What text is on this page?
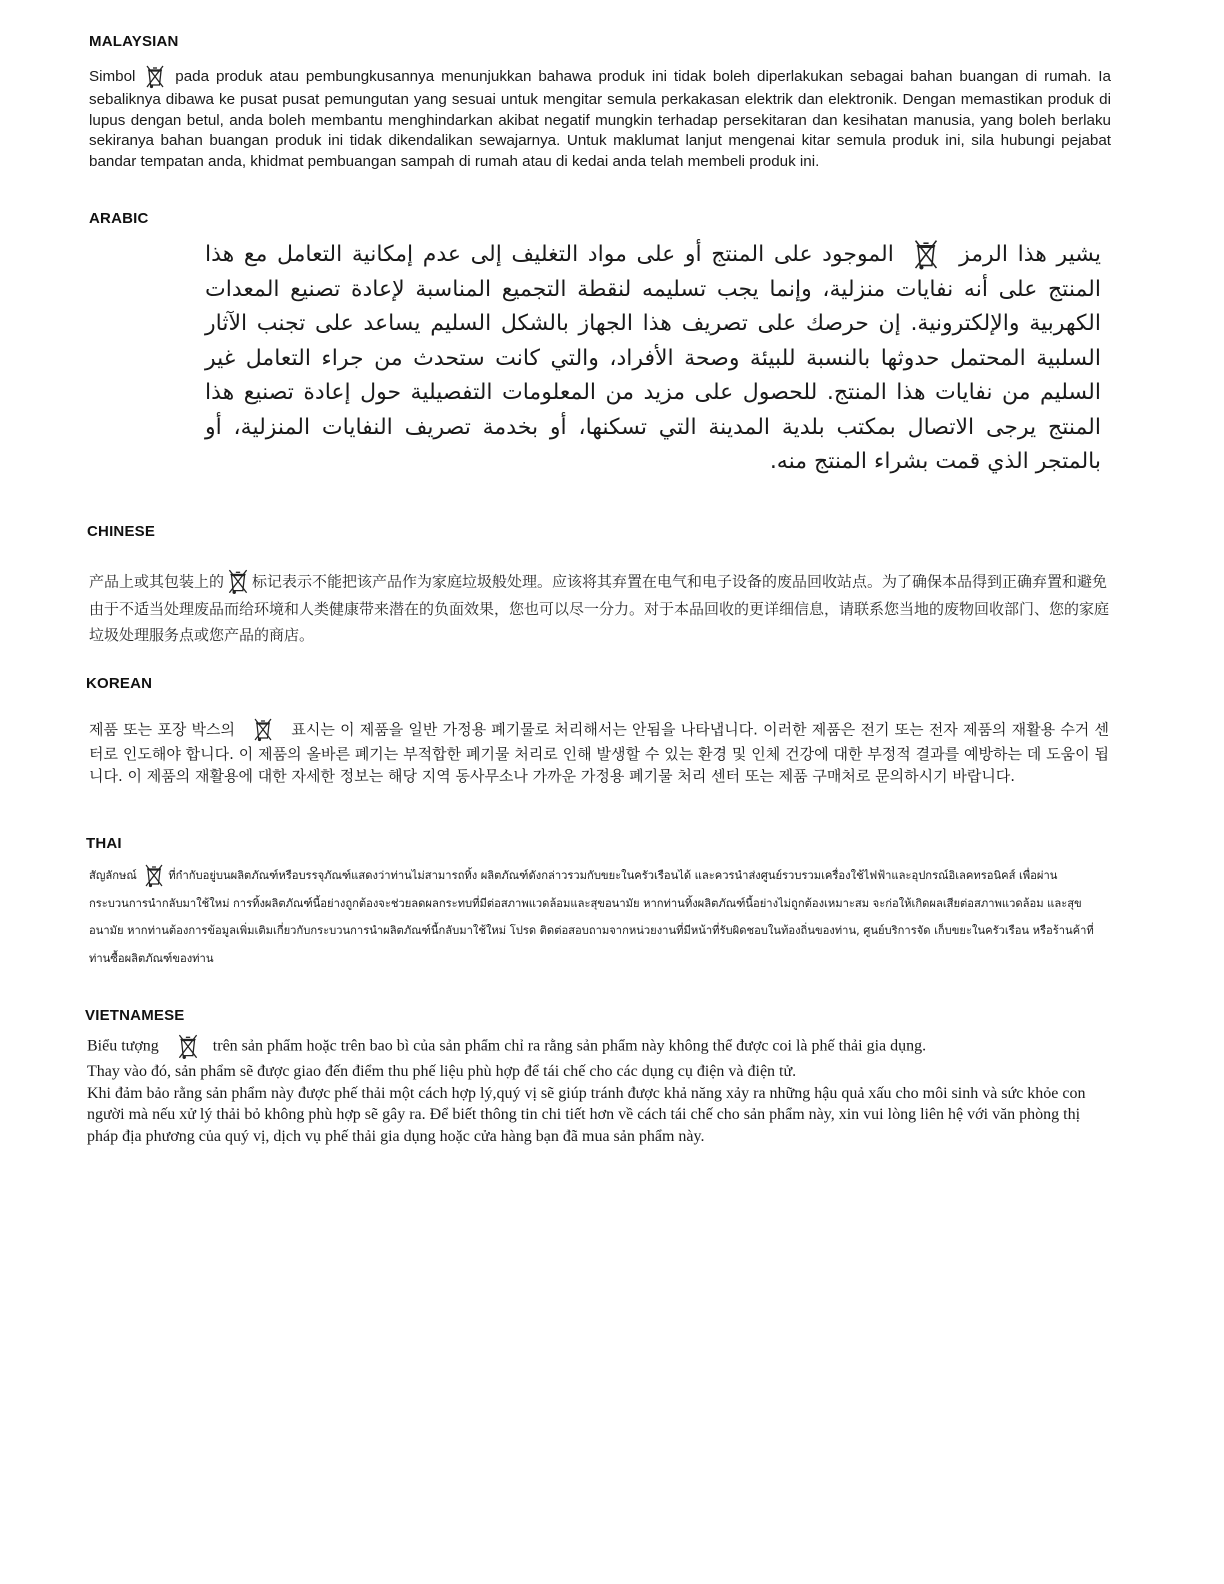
MALAYSIAN

Simbol	pada produk atau pembungkusannya menunjukkan bahawa produk ini tidak boleh diperlakukan sebagai bahan buangan di rumah. Ia sebaliknya dibawa ke pusat pusat pemungutan yang sesuai untuk mengitar semula perkakasan elektrik dan elektronik. Dengan memastikan produk di lupus dengan betul, anda boleh membantu menghindarkan akibat negatif mungkin terhadap persekitaran dan kesihatan manusia, yang boleh berlaku sekiranya bahan buangan produk ini tidak dikendalikan sewajarnya. Untuk maklumat lanjut mengenai kitar semula produk ini, sila hubungi pejabat bandar tempatan anda, khidmat pembuangan sampah di rumah atau di kedai anda telah membeli produk ini.

ARABIC

يشير هذا الرمز
الموجود على المنتج أو على مواد التغليف إلى عدم إمكانية التعامل مع هذا المنتج على أنه نفايات منزلية، وإنما يجب تسليمه لنقطة التجميع المناسبة لإعادة تصنيع المعدات الكهربية والإلكترونية. إن حرصك على تصريف هذا الجهاز بالشكل السليم يساعد على تجنب الآثار السلبية المحتمل حدوثها بالنسبة للبيئة وصحة الأفراد، والتي كانت ستحدث من جراء التعامل غير السليم من نفايات هذا المنتج. للحصول على مزيد من المعلومات التفصيلية حول إعادة تصنيع هذا المنتج يرجى الاتصال بمكتب بلدية المدينة التي تسكنها، أو بخدمة تصريف النفايات المنزلية، أو بالمتجر الذي قمت بشراء المنتج منه.

CHINESE

产品上或其包装上的 标记表示不能把该产品作为家庭垃圾般处理。应该将其弃置在电气和电子设备的废品回收站点。为了确保本品得到正确弃置和避免由于不适当处理废品而给环境和人类健康带来潜在的负面效果，您也可以尽一分力。对于本品回收的更详细信息，请联系您当地的废物回收部门、您的家庭垃圾处理服务点或您产品的商店。

KOREAN

제품 또는 포장 박스의	표시는 이 제품을 일반 가정용 폐기물로 처리해서는 안됨을 나타냅니다. 이러한 제품은 전기 또는 전자 제품의 재활용 수거 센터로 인도해야 합니다. 이 제품의 올바른 폐기는 부적합한 폐기물 처리로 인해 발생할 수 있는 환경 및 인체 건강에 대한 부정적 결과를 예방하는 데 도움이 됩니다. 이 제품의 재활용에 대한 자세한 정보는 해당 지역 동사무소나 가까운 가정용 폐기물 처리 센터 또는 제품 구매처로 문의하시기 바랍니다.

THAI

สัญลักษณ์	ที่กำกับอยู่บนผลิตภัณฑ์หรือบรรจุภัณฑ์แสดงว่าท่านไม่สามารถทิ้ง ผลิตภัณฑ์ดังกล่าวรวมกับขยะในครัวเรือนได้ และควรนำส่งศูนย์รวบรวมเครื่องใช้ไฟฟ้าและอุปกรณ์อิเลคทรอนิคส์ เพื่อผ่านกระบวนการนำกลับมาใช้ใหม่ การทิ้งผลิตภัณฑ์นี้อย่างถูกต้องจะช่วยลดผลกระทบที่มีต่อสภาพแวดล้อมและสุขอนามัย หากท่านทิ้งผลิตภัณฑ์นี้อย่างไม่ถูกต้องเหมาะสม จะก่อให้เกิดผลเสียต่อสภาพแวดล้อม และสุขอนามัย หากท่านต้องการข้อมูลเพิ่มเติมเกี่ยวกับกระบวนการนำผลิตภัณฑ์นี้กลับมาใช้ใหม่ โปรด ติดต่อสอบถามจากหน่วยงานที่มีหน้าที่รับผิดชอบในท้องถิ่นของท่าน, ศูนย์บริการจัด เก็บขยะในครัวเรือน หรือร้านค้าที่ท่านซื้อผลิตภัณฑ์ของท่าน

VIETNAMESE
Biểu tượng	trên sản phẩm hoặc trên bao bì của sản phẩm chỉ ra rằng sản phẩm này không thể được coi là phế thải gia dụng.
Thay vào đó, sản phẩm sẽ được giao đến điểm thu phế liệu phù hợp để tái chế cho các dụng cụ điện và điện tử.
Khi đảm bảo rằng sản phẩm này được phế thải một cách hợp lý,quý vị sẽ giúp tránh được khả năng xảy ra những hậu quả xấu cho môi sinh và sức khỏe con người mà nếu xử lý thải bỏ không phù hợp sẽ gây ra. Để biết thông tin chi tiết hơn về cách tái chế cho sản phẩm này, xin vui lòng liên hệ với văn phòng thị pháp địa phương của quý vị, dịch vụ phế thải gia dụng hoặc cửa hàng bạn đã mua sản phẩm này.
